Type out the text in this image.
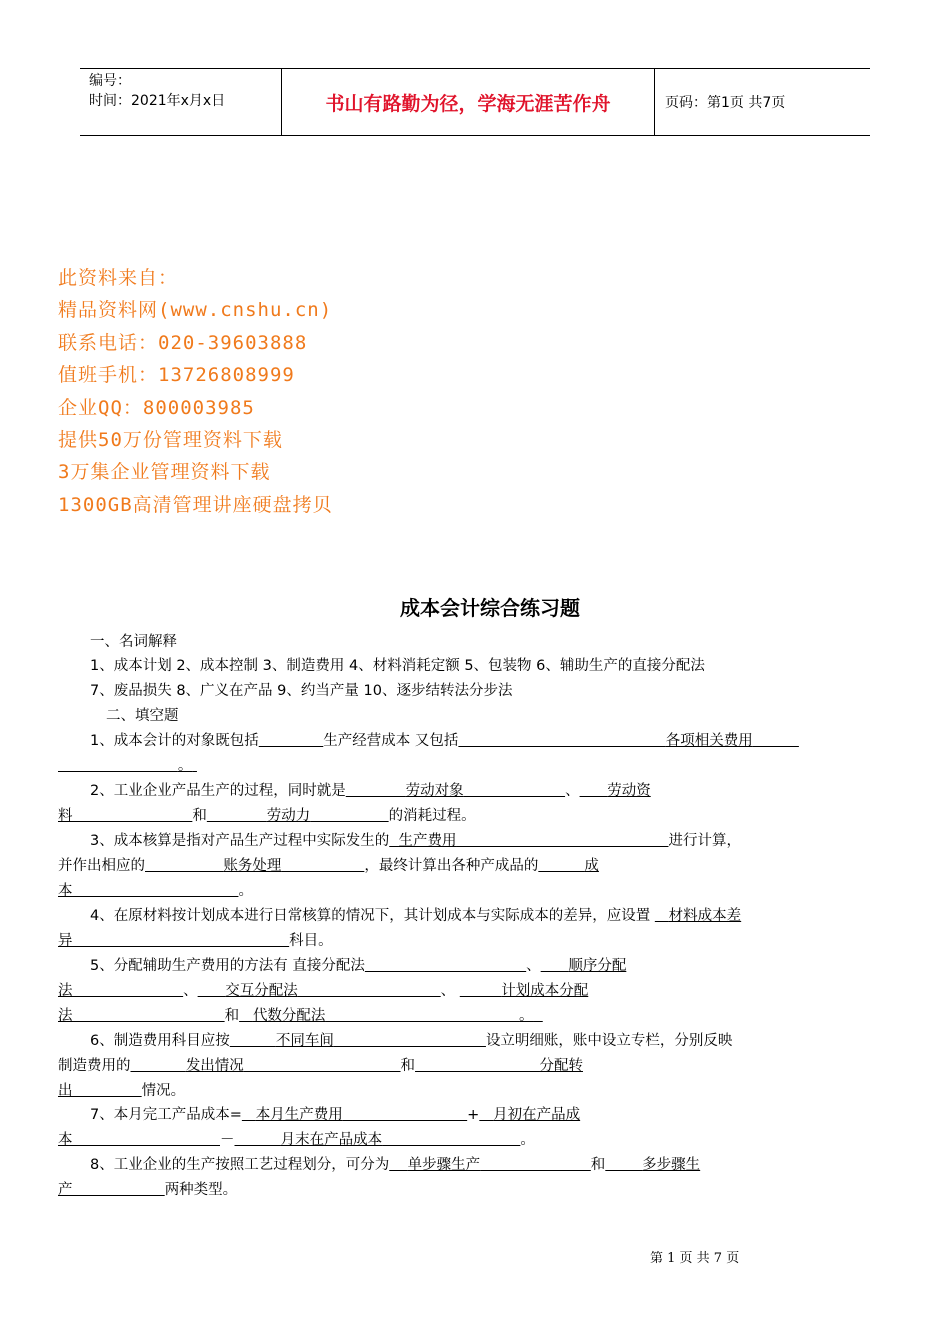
编号：
时间：2021年x月x日	书山有路勤为径，学海无涯苦作舟	页码：第1页 共7页
此资料来自：
精品资料网(www.cnshu.cn)
联系电话：020-39603888
值班手机：13726808999
企业QQ：800003985
提供50万份管理资料下载
3万集企业管理资料下载
1300GB高清管理讲座硬盘拷贝
成本会计综合练习题
一、名词解释
1、成本计划 2、成本控制 3、制造费用 4、材料消耗定额 5、包装物 6、辅助生产的直接分配法
7、废品损失 8、广义在产品 9、约当产量 10、逐步结转法分步法
二、填空题
1、成本会计的对象既包括	生产经营成本 又包括	各项相关费用
。
2、工业企业产品生产的过程，同时就是	劳动对象	、 劳动资
料	和	劳动力	的消耗过程。
3、成本核算是指对产品生产过程中实际发生的 生产费用	进行计算，
并作出相应的	账务处理	，最终计算出各种产成品的	成
本	。
4、在原材料按计划成本进行日常核算的情况下，其计划成本与实际成本的差异，应设置 材料成本差
异	科目。
5、分配辅助生产费用的方法有 直接分配法	、 顺序分配
法	、 交互分配法	、	计划成本分配
法	和 代数分配法	。
6、制造费用科目应按	不同车间	设立明细账，账中设立专栏，分别反映
制造费用的	发出情况	和	分配转
出	情况。
7、本月完工产品成本= 本月生产费用	+ 月初在产品成
本	－	月末在产品成本	。
8、工业企业的生产按照工艺过程划分，可分为 单步骤生产	和	多步骤生
产	两种类型。
第 1 页 共 7 页
